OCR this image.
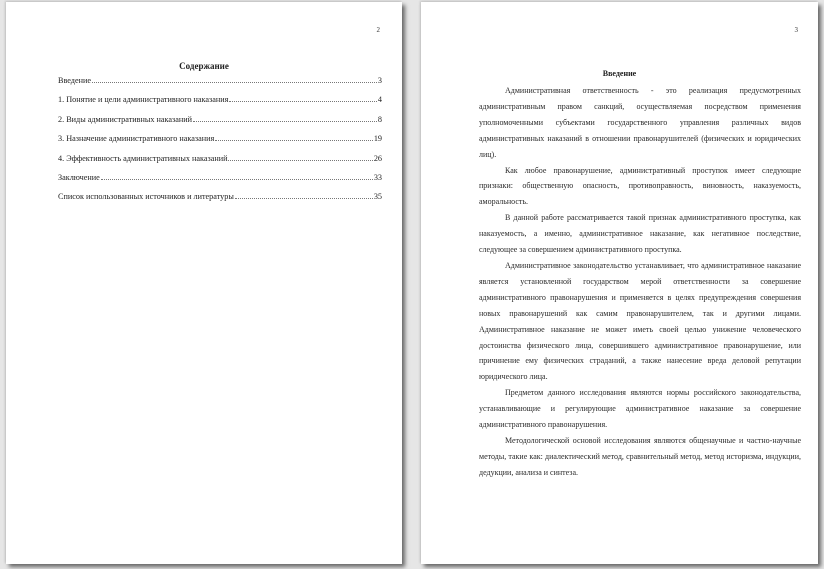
2
Содержание
Введение	3
1. Понятие и цели административного наказания	4
2. Виды административных наказаний	8
3. Назначение административного наказания	19
4. Эффективность административных наказаний	26
Заключение	33
Список использованных источников и литературы	35
3
Введение

Административная ответственность - это реализация предусмотренных административным правом санкций, осуществляемая посредством применения уполномоченными субъектами государственного управления различных видов административных наказаний в отношении правонарушителей (физических и юридических лиц).

Как любое правонарушение, административный проступок имеет следующие признаки: общественную опасность, противоправность, виновность, наказуемость, аморальность.

В данной работе рассматривается такой признак административного проступка, как наказуемость, а именно, административное наказание, как негативное последствие, следующее за совершением административного проступка.

Административное законодательство устанавливает, что административное наказание является установленной государством мерой ответственности за совершение административного правонарушения и применяется в целях предупреждения совершения новых правонарушений как самим правонарушителем, так и другими лицами. Административное наказание не может иметь своей целью унижение человеческого достоинства физического лица, совершившего административное правонарушение, или причинение ему физических страданий, а также нанесение вреда деловой репутации юридического лица.

Предметом данного исследования являются нормы российского законодательства, устанавливающие и регулирующие административное наказание за совершение административного правонарушения.

Методологической основой исследования являются общенаучные и частно-научные методы, такие как: диалектический метод, сравнительный метод, метод историзма, индукции, дедукции, анализа и синтеза.
